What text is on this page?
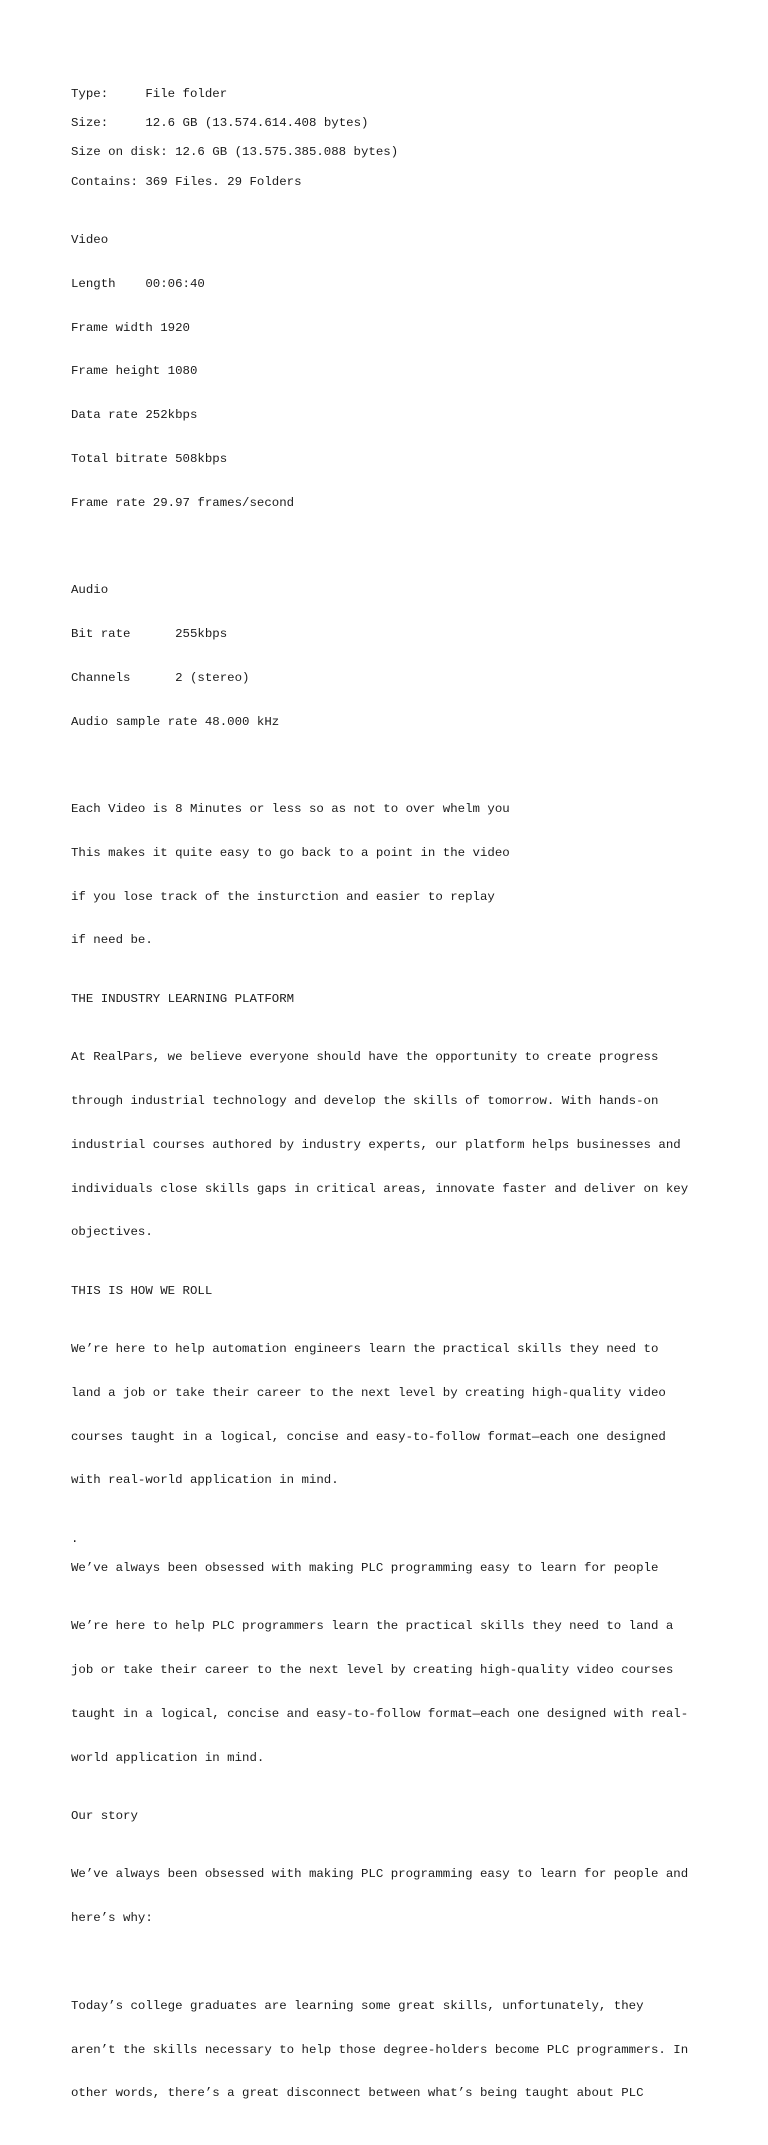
Type:	File folder
Size:	12.6 GB (13.574.614.408 bytes)
Size on disk: 12.6 GB (13.575.385.088 bytes)
Contains: 369 Files. 29 Folders

Video

Length    00:06:40

Frame width 1920

Frame height 1080

Data rate 252kbps

Total bitrate 508kbps

Frame rate 29.97 frames/second

Audio

Bit rate      255kbps

Channels      2 (stereo)

Audio sample rate 48.000 kHz

Each Video is 8 Minutes or less so as not to over whelm you

This makes it quite easy to go back to a point in the video

if you lose track of the insturction and easier to replay

if need be.

THE INDUSTRY LEARNING PLATFORM

At RealPars, we believe everyone should have the opportunity to create progress

through industrial technology and develop the skills of tomorrow. With hands-on

industrial courses authored by industry experts, our platform helps businesses and

individuals close skills gaps in critical areas, innovate faster and deliver on key

objectives.

THIS IS HOW WE ROLL

We’re here to help automation engineers learn the practical skills they need to

land a job or take their career to the next level by creating high-quality video

courses taught in a logical, concise and easy-to-follow format—each one designed

with real-world application in mind.

.
We’ve always been obsessed with making PLC programming easy to learn for people

We’re here to help PLC programmers learn the practical skills they need to land a

job or take their career to the next level by creating high-quality video courses

taught in a logical, concise and easy-to-follow format—each one designed with real-

world application in mind.

Our story

We’ve always been obsessed with making PLC programming easy to learn for people and

here’s why:

Today’s college graduates are learning some great skills, unfortunately, they

aren’t the skills necessary to help those degree-holders become PLC programmers. In

other words, there’s a great disconnect between what’s being taught about PLC
